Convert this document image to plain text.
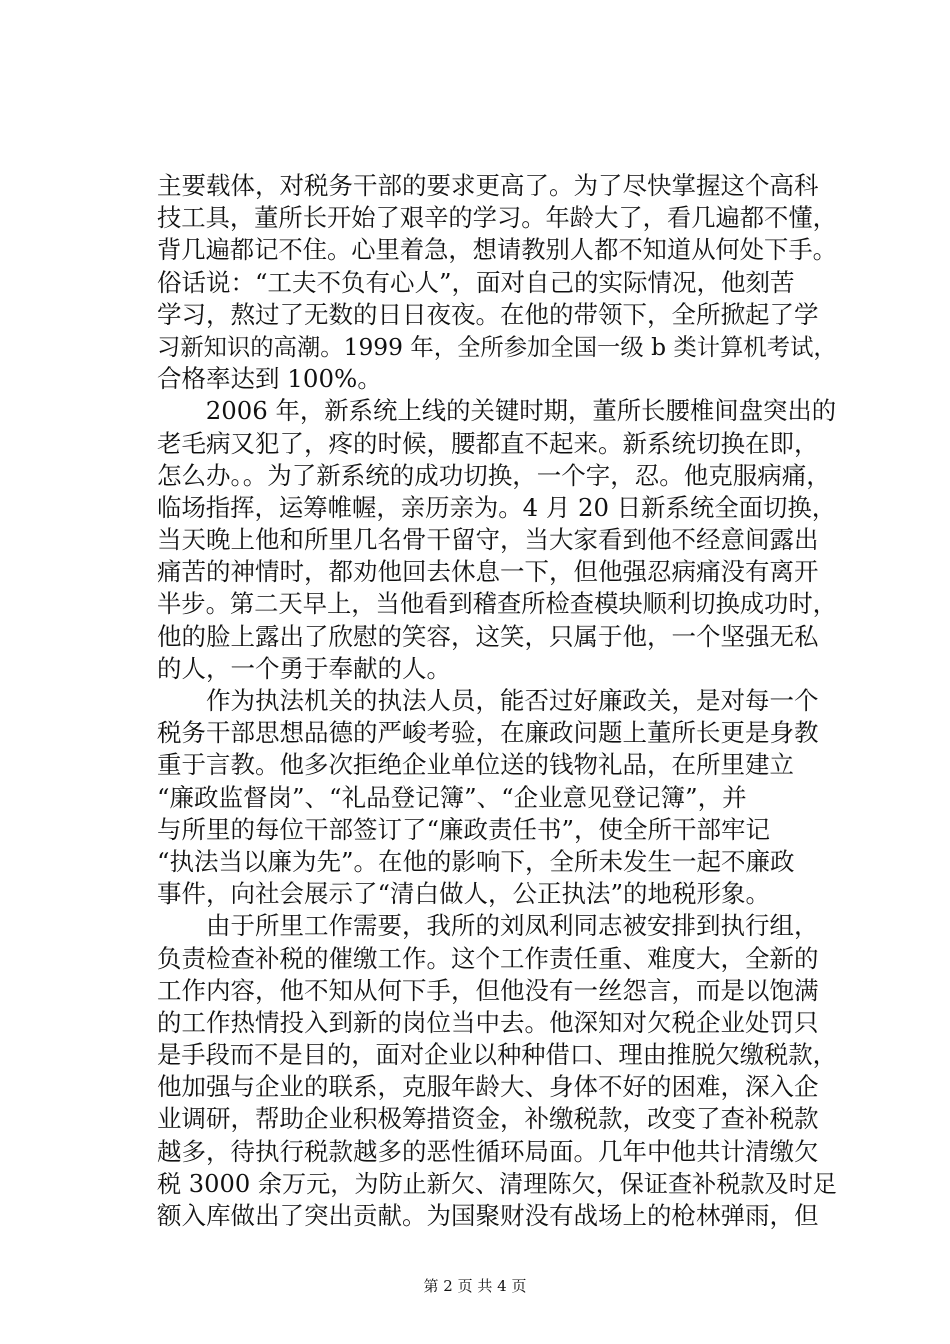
主要载体，对税务干部的要求更高了。为了尽快掌握这个高科
技工具，董所长开始了艰辛的学习。年龄大了，看几遍都不懂，
背几遍都记不住。心里着急，想请教别人都不知道从何处下手。
俗话说：“工夫不负有心人”，面对自己的实际情况，他刻苦
学习，熬过了无数的日日夜夜。在他的带领下，全所掀起了学
习新知识的高潮。1999 年，全所参加全国一级 b 类计算机考试，
合格率达到 100%。
　　2006 年，新系统上线的关键时期，董所长腰椎间盘突出的
老毛病又犯了，疼的时候，腰都直不起来。新系统切换在即，
怎么办。。为了新系统的成功切换，一个字，忍。他克服病痛，
临场指挥，运筹帷幄，亲历亲为。4 月 20 日新系统全面切换，
当天晚上他和所里几名骨干留守，当大家看到他不经意间露出
痛苦的神情时，都劝他回去休息一下，但他强忍病痛没有离开
半步。第二天早上，当他看到稽查所检查模块顺利切换成功时，
他的脸上露出了欣慰的笑容，这笑，只属于他，一个坚强无私
的人，一个勇于奉献的人。
　　作为执法机关的执法人员，能否过好廉政关，是对每一个
税务干部思想品德的严峻考验，在廉政问题上董所长更是身教
重于言教。他多次拒绝企业单位送的钱物礼品，在所里建立
“廉政监督岗”、“礼品登记簿”、“企业意见登记簿”，并
与所里的每位干部签订了“廉政责任书”，使全所干部牢记
“执法当以廉为先”。在他的影响下，全所未发生一起不廉政
事件，向社会展示了“清白做人，公正执法”的地税形象。
　　由于所里工作需要，我所的刘凤利同志被安排到执行组，
负责检查补税的催缴工作。这个工作责任重、难度大，全新的
工作内容，他不知从何下手，但他没有一丝怨言，而是以饱满
的工作热情投入到新的岗位当中去。他深知对欠税企业处罚只
是手段而不是目的，面对企业以种种借口、理由推脱欠缴税款，
他加强与企业的联系，克服年龄大、身体不好的困难，深入企
业调研，帮助企业积极筹措资金，补缴税款，改变了查补税款
越多，待执行税款越多的恶性循环局面。几年中他共计清缴欠
税 3000 余万元，为防止新欠、清理陈欠，保证查补税款及时足
额入库做出了突出贡献。为国聚财没有战场上的枪林弹雨，但
第 2 页 共 4 页
